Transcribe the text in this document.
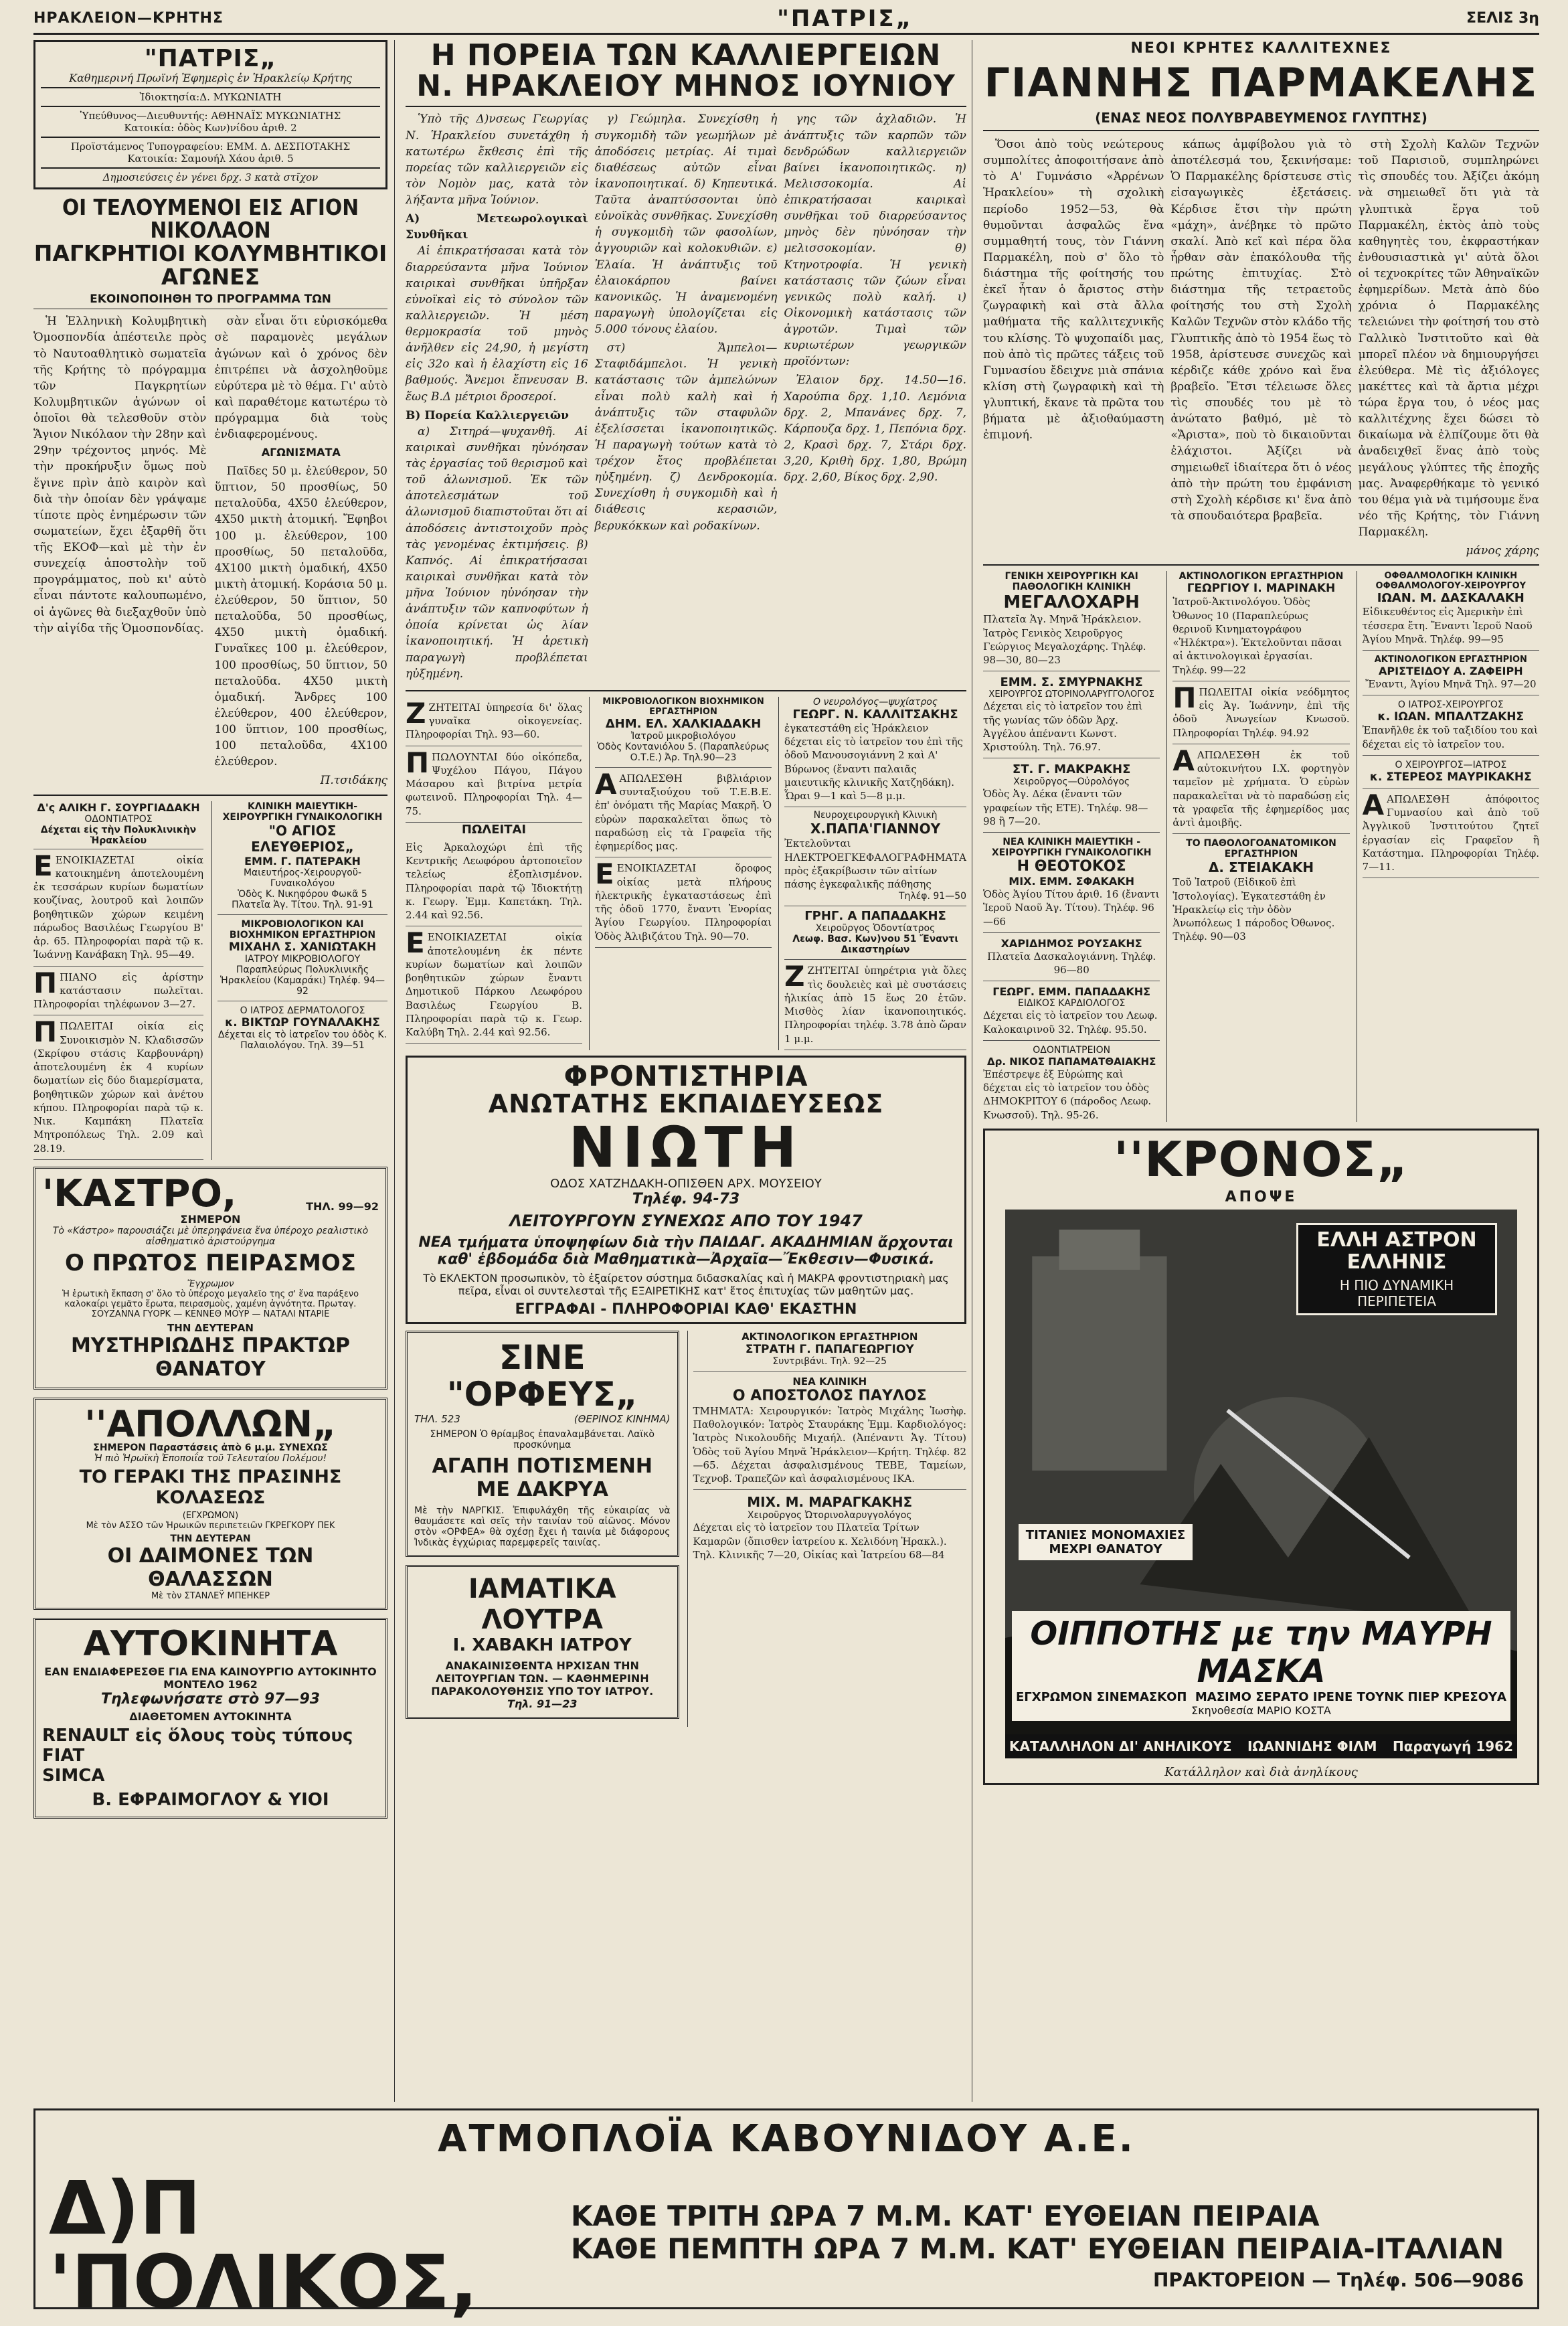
ΗΡΑΚΛΕΙΟΝ—ΚΡΗΤΗΣ	"ΠΑΤΡΙΣ„	ΣΕΛΙΣ 3η
"ΠΑΤΡΙΣ„
Καθημερινή Πρωϊνή Ἐφημερὶς ἐν Ἡρακλείῳ Κρήτης
Ἰδιοκτησία:Δ. ΜΥΚΩΝΙΑΤΗ
Ὑπεύθυνος—Διευθυντής: ΑΘΗΝΑΪΣ ΜΥΚΩΝΙΑΤΗΣ
Κατοικία: ὁδὸς Κων)νίδου ἀριθ. 2
Προϊστάμενος Τυπογραφείου: ΕΜΜ. Δ. ΔΕΣΠΟΤΑΚΗΣ
Κατοικία: Σαμουήλ Χάου ἀριθ. 5
Δημοσιεύσεις ἐν γένει δρχ. 3 κατὰ στῖχον
ΟΙ ΤΕΛΟΥΜΕΝΟΙ ΕΙΣ ΑΓΙΟΝ ΝΙΚΟΛΑΟΝ
ΠΑΓΚΡΗΤΙΟΙ ΚΟΛΥΜΒΗΤΙΚΟΙ ΑΓΩΝΕΣ
ΕΚΟΙΝΟΠΟΙΗΘΗ ΤΟ ΠΡΟΓΡΑΜΜΑ ΤΩΝ

Ἡ Ἑλληνικὴ Κολυμβητικὴ Ὁμοσπονδία ἀπέστειλε πρὸς τὸ Ναυτοαθλητικὸ σωματεῖα τῆς Κρήτης τὸ πρόγραμμα τῶν Παγκρητίων Κολυμβητικῶν ἀγώνων οἱ ὁποῖοι θὰ τελεσθοῦν στὸν Ἅγιον Νικόλαον τὴν 28ην καὶ 29ην τρέχοντος μηνός. Μὲ τὴν προκήρυξιν ὅμως ποὺ ἔγινε πρὶν ἀπὸ καιρὸν καὶ διὰ τὴν ὁποίαν δὲν γράψαμε τίποτε πρὸς ἐνημέρωσιν τῶν σωματείων, ἔχει ἐξαρθῆ ὅτι τῆς ΕΚΟΦ—καὶ μὲ τὴν ἐν συνεχείᾳ ἀποστολὴν τοῦ προγράμματος, ποὺ κι' αὐτὸ εἶναι πάντοτε καλουπωμένο, οἱ ἀγῶνες θὰ διεξαχθοῦν ὑπὸ τὴν αἰγίδα τῆς Ὁμοσπονδίας.

σὰν εἶναι ὅτι εὐρισκόμεθα σὲ παραμονὲς μεγάλων ἀγώνων καὶ ὁ χρόνος δὲν ἐπιτρέπει νὰ ἀσχοληθοῦμε εὐρύτερα μὲ τὸ θέμα. Γι' αὐτὸ καὶ παραθέτομε κατωτέρω τὸ πρόγραμμα διὰ τοὺς ἐνδιαφερομένους.

ΑΓΩΝΙΣΜΑΤΑ

Παῖδες 50 μ. ἐλεύθερον, 50 ὕπτιον, 50 προσθίως, 50 πεταλοῦδα, 4Χ50 ἐλεύθερον, 4Χ50 μικτὴ ἀτομική. Ἔφηβοι 100 μ. ἐλεύθερον, 100 προσθίως, 50 πεταλοῦδα, 4Χ100 μικτὴ ὁμαδική, 4Χ50 μικτὴ ἀτομική. Κοράσια 50 μ. ἐλεύθερον, 50 ὕπτιον, 50 πεταλοῦδα, 50 προσθίως, 4Χ50 μικτὴ ὁμαδική. Γυναῖκες 100 μ. ἐλεύθερον, 100 προσθίως, 50 ὕπτιον, 50 πεταλοῦδα. 4Χ50 μικτὴ ὁμαδική. Ἄνδρες 100 ἐλεύθερον, 400 ἐλεύθερον, 100 ὕπτιον, 100 προσθίως, 100 πεταλοῦδα, 4Χ100 ἐλεύθερον.

Π.τσιδάκης
Δ'ς ΑΛΙΚΗ Γ. ΣΟΥΡΓΙΑΔΑΚΗ
ΟΔΟΝΤΙΑΤΡΟΣ
Δέχεται εἰς τὴν Πολυκλινικὴν Ἡρακλείου
ΕΕΝΟΙΚΙΑΖΕΤΑΙ οἰκία κατοικημένη ἀποτελουμένη ἐκ τεσσάρων κυρίων δωματίων κουζίνας, λουτροῦ καὶ λοιπῶν βοηθητικῶν χώρων κειμένη πάρωδος Βασιλέως Γεωργίου Β' ἀρ. 65. Πληροφορίαι παρὰ τῷ κ. Ἰωάννῃ Κανάβακη Τηλ. 95—49.
ΠΠΙΑΝΟ εἰς ἀρίστην κατάστασιν πωλεῖται. Πληροφορίαι τηλέφωνον 3—27.
ΠΠΩΛΕΙΤΑΙ οἰκία εἰς Συνοικισμὸν Ν. Κλαδισσῶν (Σκρίφου στάσις Καρβουνάρη) ἀποτελουμένη ἐκ 4 κυρίων δωματίων εἰς δύο διαμερίσματα, βοηθητικῶν χώρων καὶ ἀνέτου κήπου. Πληροφορίαι παρὰ τῷ κ. Νικ. Καμπάκη Πλατεῖα Μητροπόλεως Τηλ. 2.09 καὶ 28.19.
ΚΛΙΝΙΚΗ ΜΑΙΕΥΤΙΚΗ-ΧΕΙΡΟΥΡΓΙΚΗ ΓΥΝΑΙΚΟΛΟΓΙΚΗ
"Ο ΑΓΙΟΣ ΕΛΕΥΘΕΡΙΟΣ„
ΕΜΜ. Γ. ΠΑΤΕΡΑΚΗ
Μαιευτήρος-Χειρουργοῦ-Γυναικολόγου
Ὁδὸς Κ. Νικηφόρου Φωκᾶ 5 Πλατεῖα Ἁγ. Τίτου. Τηλ. 91-91
ΜΙΚΡΟΒΙΟΛΟΓΙΚΟΝ ΚΑΙ ΒΙΟΧΗΜΙΚΟΝ ΕΡΓΑΣΤΗΡΙΟΝ
ΜΙΧΑΗΛ Σ. ΧΑΝΙΩΤΑΚΗ
ΙΑΤΡΟΥ ΜΙΚΡΟΒΙΟΛΟΓΟΥ
Παραπλεύρως Πολυκλινικῆς Ἡρακλείου (Καμαράκι) Τηλέφ. 94—92
Ο ΙΑΤΡΟΣ ΔΕΡΜΑΤΟΛΟΓΟΣ
κ. ΒΙΚΤΩΡ ΓΟΥΝΑΛΑΚΗΣ
Δέχεται εἰς τὸ ἰατρεῖον του ὁδὸς Κ. Παλαιολόγου. Τηλ. 39—51
'ΚΑΣΤΡΟ,	ΤΗΛ. 99—92
ΣΗΜΕΡΟΝ
Τὸ «Κάστρο» παρουσιάζει μὲ ὑπερηφάνεια ἕνα ὑπέροχο ρεαλιστικὸ αἰσθηματικὸ ἀριστούργημα
Ο ΠΡΩΤΟΣ ΠΕΙΡΑΣΜΟΣ
Ἔγχρωμον
Ἡ ἐρωτικὴ ἔκπαση σ' ὅλο τὸ ὑπέροχο μεγαλεῖο της σ' ἕνα παράξενο καλοκαίρι γεμᾶτο ἔρωτα, πειρασμοὺς, χαμένη ἀγνότητα. Πρωταγ. ΣΟΥΖΑΝΝΑ ΓΥΟΡΚ — ΚΕΝΝΕΘ ΜΟΥΡ — ΝΑΤΑΛΙ ΝΤΑΡΙΕ
ΤΗΝ ΔΕΥΤΕΡΑΝ
ΜΥΣΤΗΡΙΩΔΗΣ ΠΡΑΚΤΩΡ ΘΑΝΑΤΟΥ
''ΑΠΟΛΛΩΝ„
ΣΗΜΕΡΟΝ Παραστάσεις ἀπὸ 6 μ.μ. ΣΥΝΕΧΩΣ
Ἡ πιὸ Ἡρωϊκὴ Ἐποποιΐα τοῦ Τελευταίου Πολέμου!
ΤΟ ΓΕΡΑΚΙ ΤΗΣ ΠΡΑΣΙΝΗΣ ΚΟΛΑΣΕΩΣ
(ΕΓΧΡΩΜΟΝ)
Μὲ τὸν ΑΣΣΟ τῶν Ἡρωικῶν περιπετειῶν ΓΚΡΕΓΚΟΡΥ ΠΕΚ
ΤΗΝ ΔΕΥΤΕΡΑΝ
ΟΙ ΔΑΙΜΟΝΕΣ ΤΩΝ ΘΑΛΑΣΣΩΝ
Μὲ τὸν ΣΤΑΝΛΕΫ ΜΠΕΗΚΕΡ
ΑΥΤΟΚΙΝΗΤΑ
ΕΑΝ ΕΝΔΙΑΦΕΡΕΣΘΕ ΓΙΑ ΕΝΑ ΚΑΙΝΟΥΡΓΙΟ ΑΥΤΟΚΙΝΗΤΟ ΜΟΝΤΕΛΟ 1962
Τηλεφωνήσατε στὸ 97—93
ΔΙΑΘΕΤΟΜΕΝ ΑΥΤΟΚΙΝΗΤΑ
RENAULT εἰς ὅλους τοὺς τύπους
FIAT
SIMCA
Β. ΕΦΡΑΙΜΟΓΛΟΥ & ΥΙΟΙ
Η ΠΟΡΕΙΑ ΤΩΝ ΚΑΛΛΙΕΡΓΕΙΩΝ
Ν. ΗΡΑΚΛΕΙΟΥ ΜΗΝΟΣ ΙΟΥΝΙΟΥ

Ὑπὸ τῆς Δ)νσεως Γεωργίας Ν. Ἡρακλείου συνετάχθη ἡ κατωτέρω ἔκθεσις ἐπὶ τῆς πορείας τῶν καλλιεργειῶν εἰς τὸν Νομὸν μας, κατὰ τὸν λήξαντα μῆνα Ἰούνιον.

Α) Μετεωρολογικαὶ Συνθῆκαι

Αἱ ἐπικρατήσασαι κατὰ τὸν διαρρεύσαντα μῆνα Ἰούνιον καιρικαὶ συνθῆκαι ὑπῆρξαν εὐνοϊκαὶ εἰς τὸ σύνολον τῶν καλλιεργειῶν. Ἡ μέση θερμοκρασία τοῦ μηνὸς ἀνῆλθεν εἰς 24,90, ἡ μεγίστη εἰς 32ο καὶ ἡ ἐλαχίστη εἰς 16 βαθμούς. Ἄνεμοι ἔπνευσαν Β. ἕως Β.Δ μέτριοι δροσεροί.

Β) Πορεία Καλλιεργειῶν

α) Σιτηρά—ψυχανθῆ. Αἱ καιρικαὶ συνθῆκαι ηὐνόησαν τὰς ἐργασίας τοῦ θερισμοῦ καὶ τοῦ ἁλωνισμοῦ. Ἐκ τῶν ἀποτελεσμάτων τοῦ ἁλωνισμοῦ διαπιστοῦται ὅτι αἱ ἀποδόσεις ἀντιστοιχοῦν πρὸς τὰς γενομένας ἐκτιμήσεις. β) Καπνός. Αἱ ἐπικρατήσασαι καιρικαὶ συνθῆκαι κατὰ τὸν μῆνα Ἰούνιον ηὐνόησαν τὴν ἀνάπτυξιν τῶν καπνοφύτων ἡ ὁποία κρίνεται ὡς λίαν ἱκανοποιητική. Ἡ ἀρετικὴ παραγωγὴ προβλέπεται ηὐξημένη.

γ) Γεώμηλα. Συνεχίσθη ἡ συγκομιδὴ τῶν γεωμήλων μὲ ἀποδόσεις μετρίας. Αἱ τιμαὶ διαθέσεως αὐτῶν εἶναι ἱκανοποιητικαί. δ) Κηπευτικά. Ταῦτα ἀναπτύσσονται ὑπὸ εὐνοϊκὰς συνθῆκας. Συνεχίσθη ἡ συγκομιδὴ τῶν φασολίων, ἀγγουριῶν καὶ κολοκυθιῶν. ε) Ἐλαία. Ἡ ἀνάπτυξις τοῦ ἐλαιοκάρπου βαίνει κανονικῶς. Ἡ ἀναμενομένη παραγωγὴ ὑπολογίζεται εἰς 5.000 τόνους ἐλαίου.

στ) Ἄμπελοι—Σταφιδάμπελοι. Ἡ γενικὴ κατάστασις τῶν ἀμπελώνων εἶναι πολὺ καλὴ καὶ ἡ ἀνάπτυξις τῶν σταφυλῶν ἐξελίσσεται ἱκανοποιητικῶς. Ἡ παραγωγὴ τούτων κατὰ τὸ τρέχον ἔτος προβλέπεται ηὐξημένη. ζ) Δενδροκομία. Συνεχίσθη ἡ συγκομιδὴ καὶ ἡ διάθεσις κερασιῶν, βερυκόκκων καὶ ροδακίνων.

γης τῶν ἀχλαδιῶν. Ἡ ἀνάπτυξις τῶν καρπῶν τῶν δενδρώδων καλλιεργειῶν βαίνει ἱκανοποιητικῶς. η) Μελισσοκομία. Αἱ ἐπικρατήσασαι καιρικαὶ συνθῆκαι τοῦ διαρρεύσαντος μηνὸς δὲν ηὐνόησαν τὴν μελισσοκομίαν. θ) Κτηνοτροφία. Ἡ γενικὴ κατάστασις τῶν ζώων εἶναι γενικῶς πολὺ καλή. ι) Οἰκονομικὴ κατάστασις τῶν ἀγροτῶν. Τιμαὶ τῶν κυριωτέρων γεωργικῶν προϊόντων:

Ἐλαιον δρχ. 14.50—16. Χαρούπια δρχ. 1,10. Λεμόνια δρχ. 2, Μπανάνες δρχ. 7, Κάρπουζα δρχ. 1, Πεπόνια δρχ. 2, Κρασὶ δρχ. 7, Στάρι δρχ. 3,20, Κριθὴ δρχ. 1,80, Βρώμη δρχ. 2,60, Βίκος δρχ. 2,90.

ΖΖΗΤΕΙΤΑΙ ὑπηρεσία δι' ὅλας γυναῖκα οἰκογενείας. Πληροφορίαι Τηλ. 93—60.
ΠΠΩΛΟΥΝΤΑΙ δύο οἰκόπεδα, Ψυχέλου Πάγου, Πάγου Μάσαρου καὶ βιτρίνα μετρία φωτεινοῦ. Πληροφορίαι Τηλ. 4—75.
ΠΩΛΕΙΤΑΙ
Εἰς Ἀρκαλοχώρι ἐπὶ τῆς Κεντρικῆς Λεωφόρου ἀρτοποιεῖον τελείως ἐξοπλισμένον. Πληροφορίαι παρὰ τῷ Ἰδιοκτήτῃ κ. Γεωργ. Ἐμμ. Καπετάκη. Τηλ. 2.44 καὶ 92.56.
ΕΕΝΟΙΚΙΑΖΕΤΑΙ οἰκία ἀποτελουμένη ἐκ πέντε κυρίων δωματίων καὶ λοιπῶν βοηθητικῶν χώρων ἔναντι Δημοτικοῦ Πάρκου Λεωφόρου Βασιλέως Γεωργίου Β. Πληροφορίαι παρὰ τῷ κ. Γεωρ. Καλύβη Τηλ. 2.44 καὶ 92.56.
ΜΙΚΡΟΒΙΟΛΟΓΙΚΟΝ ΒΙΟΧΗΜΙΚΟΝ ΕΡΓΑΣΤΗΡΙΟΝ
ΔΗΜ. ΕΛ. ΧΑΛΚΙΑΔΑΚΗ
Ἰατροῦ μικροβιολόγου
Ὁδὸς Κοντανιόλου 5. (Παραπλεύρως Ο.Τ.Ε.) Ἀρ. Τηλ.90—23
ΑΑΠΩΛΕΣΘΗ βιβλιάριον συνταξιούχου τοῦ Τ.Ε.Β.Ε. ἐπ' ὀνόματι τῆς Μαρίας Μακρῆ. Ὁ εὑρὼν παρακαλεῖται ὅπως τὸ παραδώσῃ εἰς τὰ Γραφεῖα τῆς ἐφημερίδος μας.
ΕΕΝΟΙΚΙΑΖΕΤΑΙ ὅροφος οἰκίας μετὰ πλήρους ἠλεκτρικῆς ἐγκαταστάσεως ἐπὶ τῆς ὁδοῦ 1770, ἔναντι Ἐνορίας Ἁγίου Γεωργίου. Πληροφορίαι Ὁδὸς Ἀλιβιζάτου Τηλ. 90—70.
Ο νευρολόγος—ψυχίατρος
ΓΕΩΡΓ. Ν. ΚΑΛΛΙΤΣΑΚΗΣ
ἐγκατεστάθη εἰς Ἡράκλειον δέχεται εἰς τὸ ἰατρεῖον του ἐπὶ τῆς ὁδοῦ Μανουσογιάννη 2 καὶ Α' Βύρωνος (ἔναντι παλαιᾶς μαιευτικῆς κλινικῆς Χατζηδάκη). Ὧραι 9—1 καὶ 5—8 μ.μ.
Νευροχειρουργικὴ Κλινικὴ
Χ.ΠΑΠΑ'ΓΙΑΝΝΟΥ
Ἐκτελοῦνται ΗΛΕΚΤΡΟΕΓΚΕΦΑΛΟΓΡΑΦΗΜΑΤΑ πρὸς ἐξακρίβωσιν τῶν αἰτίων πάσης ἐγκεφαλικῆς πάθησης
Τηλέφ. 91—50
ΓΡΗΓ. Α ΠΑΠΑΔΑΚΗΣ
Χειροῦργος Ὀδοντίατρος
Λεωφ. Βασ. Κων)νου 51 Ἔναντι Δικαστηρίων
ΖΖΗΤΕΙΤΑΙ ὑπηρέτρια γιὰ ὅλες τὶς δουλειὲς καὶ μὲ συστάσεις ἡλικίας ἀπὸ 15 ἕως 20 ἐτῶν. Μισθὸς λίαν ἱκανοποιητικός. Πληροφορίαι τηλέφ. 3.78 ἀπὸ ὥραν 1 μ.μ.
ΦΡΟΝΤΙΣΤΗΡΙΑ
ΑΝΩΤΑΤΗΣ ΕΚΠΑΙΔΕΥΣΕΩΣ
ΝΙΩΤΗ
ΟΔΟΣ ΧΑΤΖΗΔΑΚΗ-ΟΠΙΣΘΕΝ ΑΡΧ. ΜΟΥΣΕΙΟΥ
Τηλέφ. 94-73
ΛΕΙΤΟΥΡΓΟΥΝ ΣΥΝΕΧΩΣ ΑΠΟ ΤΟΥ 1947
ΝΕΑ τμήματα ὑποψηφίων διὰ τὴν ΠΑΙΔΑΓ. ΑΚΑΔΗΜΙΑΝ ἄρχονται καθ' ἑβδομάδα διὰ Μαθηματικὰ—Ἀρχαῖα—Ἔκθεσιν—Φυσικά.
Τὸ ΕΚΛΕΚΤΟΝ προσωπικὸν, τὸ ἐξαίρετον σύστημα διδασκαλίας καὶ ἡ ΜΑΚΡΑ φροντιστηριακὴ μας πεῖρα, εἶναι οἱ συντελεσταὶ τῆς ΕΞΑΙΡΕΤΙΚΗΣ κατ' ἔτος ἐπιτυχίας τῶν μαθητῶν μας.
ΕΓΓΡΑΦΑΙ - ΠΛΗΡΟΦΟΡΙΑΙ ΚΑΘ' ΕΚΑΣΤΗΝ
ΣΙΝΕ "ΟΡΦΕΥΣ„
ΤΗΛ. 523	(ΘΕΡΙΝΟΣ ΚΙΝΗΜΑ)
ΣΗΜΕΡΟΝ Ὁ θρίαμβος ἐπαναλαμβάνεται. Λαϊκὸ προσκύνημα
ΑΓΑΠΗ ΠΟΤΙΣΜΕΝΗ ΜΕ ΔΑΚΡΥΑ
Μὲ τὴν ΝΑΡΓΚΙΣ. Ἐπιφυλάχθη τῆς εὐκαιρίας νὰ θαυμάσετε καὶ σεῖς τὴν ταινίαν τοῦ αἰῶνος. Μόνον στὸν «ΟΡΦΕΑ» θὰ σχέσῃ ἔχει ἡ ταινία μὲ διάφορους Ἰνδικὰς ἐγχώριας παρεμφερεῖς ταινίας.
ΙΑΜΑΤΙΚΑ ΛΟΥΤΡΑ
Ι. ΧΑΒΑΚΗ ΙΑΤΡΟΥ
ΑΝΑΚΑΙΝΙΣΘΕΝΤΑ ΗΡΧΙΣΑΝ ΤΗΝ ΛΕΙΤΟΥΡΓΙΑΝ ΤΩΝ. — ΚΑΘΗΜΕΡΙΝΗ ΠΑΡΑΚΟΛΟΥΘΗΣΙΣ ΥΠΟ ΤΟΥ ΙΑΤΡΟΥ.
Τηλ. 91—23
ΑΚΤΙΝΟΛΟΓΙΚΟΝ ΕΡΓΑΣΤΗΡΙΟΝ
ΣΤΡΑΤΗ Γ. ΠΑΠΑΓΕΩΡΓΙΟΥ
Συντριβάνι. Τηλ. 92—25
ΝΕΑ ΚΛΙΝΙΚΗ
Ο ΑΠΟΣΤΟΛΟΣ ΠΑΥΛΟΣ
ΤΜΗΜΑΤΑ: Χειρουργικόν: Ἰατρὸς Μιχάλης Ἰωσὴφ. Παθολογικόν: Ἰατρὸς Σταυράκης Ἐμμ. Καρδιολόγος: Ἰατρὸς Νικολουδῆς Μιχαήλ. (Ἀπέναντι Ἁγ. Τίτου) Ὁδὸς τοῦ Ἁγίου Μηνᾶ Ἡράκλειον—Κρήτη. Τηλέφ. 82—65. Δέχεται ἀσφαλισμένους ΤΕΒΕ, Ταμείων, Τεχνοβ. Τραπεζῶν καὶ ἀσφαλισμένους ΙΚΑ.
ΜΙΧ. Μ. ΜΑΡΑΓΚΑΚΗΣ
Χειροῦργος Ὠτορινολαρυγγολόγος
Δέχεται εἰς τὸ ἰατρεῖον του Πλατεῖα Τρίτων Καμαρῶν (ὄπισθεν ἰατρείου κ. Χελιδόνη Ἡρακλ.). Τηλ. Κλινικῆς 7—20, Οἰκίας καὶ Ἰατρείου 68—84
ΝΕΟΙ ΚΡΗΤΕΣ ΚΑΛΛΙΤΕΧΝΕΣ
ΓΙΑΝΝΗΣ ΠΑΡΜΑΚΕΛΗΣ
(ΕΝΑΣ ΝΕΟΣ ΠΟΛΥΒΡΑΒΕΥΜΕΝΟΣ ΓΛΥΠΤΗΣ)

Ὅσοι ἀπὸ τοὺς νεώτερους συμπολίτες ἀποφοιτήσανε ἀπὸ τὸ Α' Γυμνάσιο «Ἀρρένων Ἡρακλείου» τὴ σχολικὴ περίοδο 1952—53, θὰ θυμοῦνται ἀσφαλῶς ἕνα συμμαθητή τους, τὸν Γιάννη Παρμακέλη, ποὺ σ' ὅλο τὸ διάστημα τῆς φοίτησής του ἐκεῖ ἦταν ὁ ἄριστος στὴν ζωγραφικὴ καὶ στὰ ἄλλα μαθήματα τῆς καλλιτεχνικῆς του κλίσης. Τὸ ψυχοπαίδι μας, ποὺ ἀπὸ τὶς πρῶτες τάξεις τοῦ Γυμνασίου ἔδειχνε μιὰ σπάνια κλίση στὴ ζωγραφικὴ καὶ τὴ γλυπτική, ἔκανε τὰ πρῶτα του βήματα μὲ ἀξιοθαύμαστη ἐπιμονή.

κάπως ἀμφίβολου γιὰ τὸ ἀποτέλεσμά του, ξεκινήσαμε: Ὁ Παρμακέλης δρίστευσε στὶς εἰσαγωγικὲς ἐξετάσεις. Κέρδισε ἔτσι τὴν πρώτη «μάχη», ἀνέβηκε τὸ πρῶτο σκαλί. Ἀπὸ κεῖ καὶ πέρα ὅλα ἦρθαν σὰν ἐπακόλουθα τῆς πρώτης ἐπιτυχίας. Στὸ διάστημα τῆς τετραετοῦς φοίτησής του στὴ Σχολὴ Καλῶν Τεχνῶν στὸν κλάδο τῆς Γλυπτικῆς ἀπὸ τὸ 1954 ἕως τὸ 1958, ἀρίστευσε συνεχῶς καὶ κέρδιζε κάθε χρόνο καὶ ἕνα βραβεῖο. Ἔτσι τέλειωσε ὅλες τὶς σπουδές του μὲ τὸ ἀνώτατο βαθμό, μὲ τὸ «Ἄριστα», ποὺ τὸ δικαιοῦνται ἐλάχιστοι. Ἀξίζει νὰ σημειωθεῖ ἰδιαίτερα ὅτι ὁ νέος ἀπὸ τὴν πρώτη του ἐμφάνιση στὴ Σχολὴ κέρδισε κι' ἕνα ἀπὸ τὰ σπουδαιότερα βραβεῖα.

στὴ Σχολὴ Καλῶν Τεχνῶν τοῦ Παρισιοῦ, συμπληρώνει τὶς σπουδές του. Ἀξίζει ἀκόμη νὰ σημειωθεῖ ὅτι γιὰ τὰ γλυπτικὰ ἔργα τοῦ Παρμακέλη, ἐκτὸς ἀπὸ τοὺς καθηγητὲς του, ἐκφραστήκαν ἐνθουσιαστικὰ γι' αὐτὰ ὅλοι οἱ τεχνοκρίτες τῶν Ἀθηναϊκῶν ἐφημερίδων. Μετὰ ἀπὸ δύο χρόνια ὁ Παρμακέλης τελειώνει τὴν φοίτησή του στὸ Γαλλικὸ Ἰνστιτοῦτο καὶ θὰ μπορεῖ πλέον νὰ δημιουργήσει ἐλεύθερα. Μὲ τὶς ἀξιόλογες μακέττες καὶ τὰ ἄρτια μέχρι τώρα ἔργα του, ὁ νέος μας καλλιτέχνης ἔχει δώσει τὸ δικαίωμα νὰ ἐλπίζουμε ὅτι θὰ ἀναδειχθεῖ ἕνας ἀπὸ τοὺς μεγάλους γλύπτες τῆς ἐποχῆς μας. Ἀναφερθήκαμε τὸ γενικό του θέμα γιὰ νὰ τιμήσουμε ἕνα νέο τῆς Κρήτης, τὸν Γιάννη Παρμακέλη.

μάνος χάρης
ΓΕΝΙΚΗ ΧΕΙΡΟΥΡΓΙΚΗ ΚΑΙ ΠΑΘΟΛΟΓΙΚΗ ΚΛΙΝΙΚΗ
ΜΕΓΑΛΟΧΑΡΗ
Πλατεῖα Ἁγ. Μηνᾶ Ἡράκλειον. Ἰατρὸς Γενικὸς Χειροῦργος Γεώργιος Μεγαλοχάρης. Τηλέφ. 98—30, 80—23
ΕΜΜ. Σ. ΣΜΥΡΝΑΚΗΣ
ΧΕΙΡΟΥΡΓΟΣ ΩΤΟΡΙΝΟΛΑΡΥΓΓΟΛΟΓΟΣ
Δέχεται εἰς τὸ ἰατρεῖον του ἐπὶ τῆς γωνίας τῶν ὁδῶν Ἀρχ. Ἀγγέλου ἀπέναντι Κωνστ. Χριστούλη. Τηλ. 76.97.
ΣΤ. Γ. ΜΑΚΡΑΚΗΣ
Χειροῦργος—Οὐρολόγος
Ὁδὸς Ἀγ. Δέκα (ἔναντι τῶν γραφείων τῆς ΕΤΕ). Τηλέφ. 98—98 ἢ 7—20.
ΝΕΑ ΚΛΙΝΙΚΗ ΜΑΙΕΥΤΙΚΗ - ΧΕΙΡΟΥΡΓΙΚΗ ΓΥΝΑΙΚΟΛΟΓΙΚΗ
Η ΘΕΟΤΟΚΟΣ
ΜΙΧ. ΕΜΜ. ΣΦΑΚΑΚΗ
Ὁδὸς Ἁγίου Τίτου ἀριθ. 16 (ἔναντι Ἱεροῦ Ναοῦ Ἁγ. Τίτου). Τηλέφ. 96—66
ΧΑΡΙΔΗΜΟΣ ΡΟΥΣΑΚΗΣ
Πλατεῖα Δασκαλογιάννη. Τηλέφ. 96—80
ΓΕΩΡΓ. ΕΜΜ. ΠΑΠΑΔΑΚΗΣ
ΕΙΔΙΚΟΣ ΚΑΡΔΙΟΛΟΓΟΣ
Δέχεται εἰς τὸ ἰατρεῖον του Λεωφ. Καλοκαιρινοῦ 32. Τηλέφ. 95.50.
ΟΔΟΝΤΙΑΤΡΕΙΟΝ
Δρ. ΝΙΚΟΣ ΠΑΠΑΜΑΤΘΑΙΑΚΗΣ
Ἐπέστρεψε ἐξ Εὐρώπης καὶ δέχεται εἰς τὸ ἰατρεῖον του ὁδὸς ΔΗΜΟΚΡΙΤΟΥ 6 (πάροδος Λεωφ. Κνωσσοῦ). Τηλ. 95-26.
ΑΚΤΙΝΟΛΟΓΙΚΟΝ ΕΡΓΑΣΤΗΡΙΟΝ
ΓΕΩΡΓΙΟΥ Ι. ΜΑΡΙΝΑΚΗ
Ἰατροῦ-Ἀκτινολόγου. Ὁδὸς Ὀθωνος 10 (Παραπλεύρως θερινοῦ Κινηματογράφου «Ἠλέκτρα»). Ἐκτελοῦνται πᾶσαι αἱ ἀκτινολογικαὶ ἐργασίαι. Τηλέφ. 99—22
ΠΠΩΛΕΙΤΑΙ οἰκία νεόδμητος εἰς Ἁγ. Ἰωάννην, ἐπὶ τῆς ὁδοῦ Ἀνωγείων Κνωσοῦ. Πληροφορίαι Τηλέφ. 94.92
ΑΑΠΩΛΕΣΘΗ ἐκ τοῦ αὐτοκινήτου Ι.Χ. φορτηγὸν ταμεῖον μὲ χρήματα. Ὁ εὑρὼν παρακαλεῖται νὰ τὸ παραδώσῃ εἰς τὰ γραφεῖα τῆς ἐφημερίδος μας ἀντὶ ἀμοιβῆς.
ΤΟ ΠΑΘΟΛΟΓΟΑΝΑΤΟΜΙΚΟΝ ΕΡΓΑΣΤΗΡΙΟΝ
Δ. ΣΤΕΙΑΚΑΚΗ
Τοῦ Ἰατροῦ (Εἰδικοῦ ἐπὶ Ἱστολογίας). Ἐγκατεστάθη ἐν Ἡρακλείῳ εἰς τὴν ὁδὸν Ἀνωπόλεως 1 πάροδος Ὀθωνος. Τηλέφ. 90—03
ΟΦΘΑΛΜΟΛΟΓΙΚΗ ΚΛΙΝΙΚΗ ΟΦΘΑΛΜΟΛΟΓΟΥ-ΧΕΙΡΟΥΡΓΟΥ
ΙΩΑΝ. Μ. ΔΑΣΚΑΛΑΚΗ
Εἰδικευθέντος εἰς Ἀμερικὴν ἐπὶ τέσσερα ἔτη. Ἔναντι Ἱεροῦ Ναοῦ Ἁγίου Μηνᾶ. Τηλέφ. 99—95
ΑΚΤΙΝΟΛΟΓΙΚΟΝ ΕΡΓΑΣΤΗΡΙΟΝ
ΑΡΙΣΤΕΙΔΟΥ Α. ΖΑΦΕΙΡΗ
Ἔναντι, Ἁγίου Μηνᾶ Τηλ. 97—20
Ο ΙΑΤΡΟΣ-ΧΕΙΡΟΥΡΓΟΣ
κ. ΙΩΑΝ. ΜΠΑΛΤΖΑΚΗΣ
Ἐπανῆλθε ἐκ τοῦ ταξιδίου του καὶ δέχεται εἰς τὸ ἰατρεῖον του.
Ο ΧΕΙΡΟΥΡΓΟΣ—ΙΑΤΡΟΣ
κ. ΣΤΕΡΕΟΣ ΜΑΥΡΙΚΑΚΗΣ
ΑΑΠΩΛΕΣΘΗ ἀπόφοιτος Γυμνασίου καὶ ἀπὸ τοῦ Ἀγγλικοῦ Ἰνστιτούτου ζητεῖ ἐργασίαν εἰς Γραφεῖον ἢ Κατάστημα. Πληροφορίαι Τηλέφ. 7—11.
''ΚΡΟΝΟΣ„
ΑΠΟΨΕ
ΕΛΛΗ ΑΣΤΡΟΝ ΕΛΛΗΝΙΣ
Η ΠΙΟ ΔΥΝΑΜΙΚΗ ΠΕΡΙΠΕΤΕΙΑ
ΤΙΤΑΝΙΕΣ ΜΟΝΟΜΑΧΙΕΣ ΜΕΧΡΙ ΘΑΝΑΤΟΥ
ΟΙΠΠΟΤΗΣ με την ΜΑΥΡΗ ΜΑΣΚΑ
ΕΓΧΡΩΜΟΝ ΣΙΝΕΜΑΣΚΟΠ ΜΑΣΙΜΟ ΣΕΡΑΤΟ ΙΡΕΝΕ ΤΟΥΝΚ ΠΙΕΡ ΚΡΕΣΟΥΑ
Σκηνοθεσία ΜΑΡΙΟ ΚΟΣΤΑ
ΚΑΤΑΛΛΗΛΟΝ ΔΙ' ΑΝΗΛΙΚΟΥΣ ΙΩΑΝΝΙΔΗΣ ΦΙΛΜ Παραγωγή 1962
Κατάλληλον καὶ διὰ ἀνηλίκους
ΑΤΜΟΠΛΟΪΑ ΚΑΒΟΥΝΙΔΟΥ Α.Ε.
Δ)Π 'ΠΟΛΙΚΟΣ,
ΚΑΘΕ ΤΡΙΤΗ ΩΡΑ 7 Μ.Μ. ΚΑΤ' ΕΥΘΕΙΑΝ ΠΕΙΡΑΙΑ
ΚΑΘΕ ΠΕΜΠΤΗ ΩΡΑ 7 Μ.Μ. ΚΑΤ' ΕΥΘΕΙΑΝ ΠΕΙΡΑΙΑ-ΙΤΑΛΙΑΝ
ΠΡΑΚΤΟΡΕΙΟΝ — Τηλέφ. 506—9086
